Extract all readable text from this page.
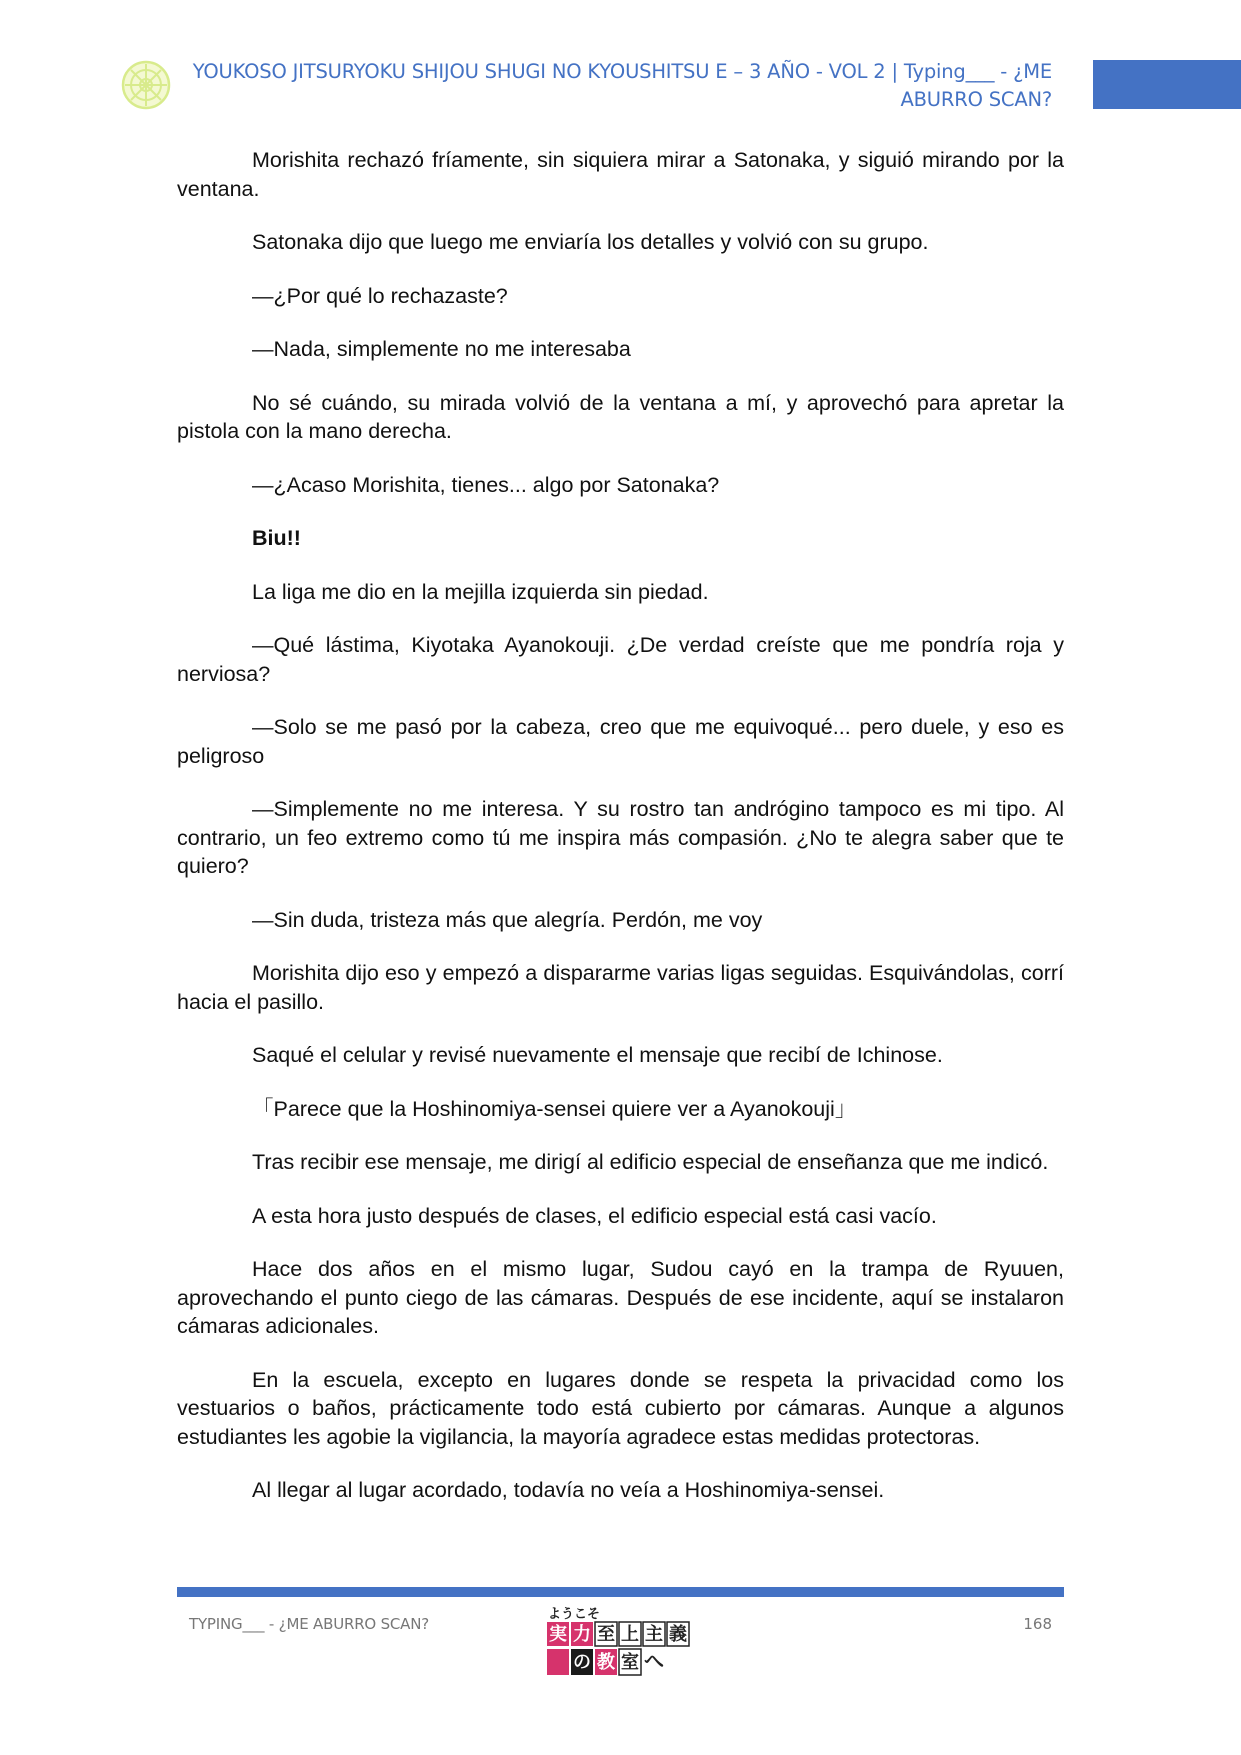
YOUKOSO JITSURYOKU SHIJOU SHUGI NO KYOUSHITSU E – 3 AÑO - VOL 2 | Typing___ - ¿ME ABURRO SCAN?

Morishita rechazó fríamente, sin siquiera mirar a Satonaka, y siguió mirando por la ventana.

Satonaka dijo que luego me enviaría los detalles y volvió con su grupo.

—¿Por qué lo rechazaste?

—Nada, simplemente no me interesaba

No sé cuándo, su mirada volvió de la ventana a mí, y aprovechó para apretar la pistola con la mano derecha.

—¿Acaso Morishita, tienes... algo por Satonaka?

Biu!!

La liga me dio en la mejilla izquierda sin piedad.

—Qué lástima, Kiyotaka Ayanokouji. ¿De verdad creíste que me pondría roja y nerviosa?

—Solo se me pasó por la cabeza, creo que me equivoqué... pero duele, y eso es peligroso

—Simplemente no me interesa. Y su rostro tan andrógino tampoco es mi tipo. Al contrario, un feo extremo como tú me inspira más compasión. ¿No te alegra saber que te quiero?

—Sin duda, tristeza más que alegría. Perdón, me voy

Morishita dijo eso y empezó a dispararme varias ligas seguidas. Esquivándolas, corrí hacia el pasillo.

Saqué el celular y revisé nuevamente el mensaje que recibí de Ichinose.

「Parece que la Hoshinomiya-sensei quiere ver a Ayanokouji」

Tras recibir ese mensaje, me dirigí al edificio especial de enseñanza que me indicó.

A esta hora justo después de clases, el edificio especial está casi vacío.

Hace dos años en el mismo lugar, Sudou cayó en la trampa de Ryuuen, aprovechando el punto ciego de las cámaras. Después de ese incidente, aquí se instalaron cámaras adicionales.

En la escuela, excepto en lugares donde se respeta la privacidad como los vestuarios o baños, prácticamente todo está cubierto por cámaras. Aunque a algunos estudiantes les agobie la vigilancia, la mayoría agradece estas medidas protectoras.

Al llegar al lugar acordado, todavía no veía a Hoshinomiya-sensei.

TYPING___ - ¿ME ABURRO SCAN?	168
ようこそ
実 力 至 上 主 義
の 教 室 へ
